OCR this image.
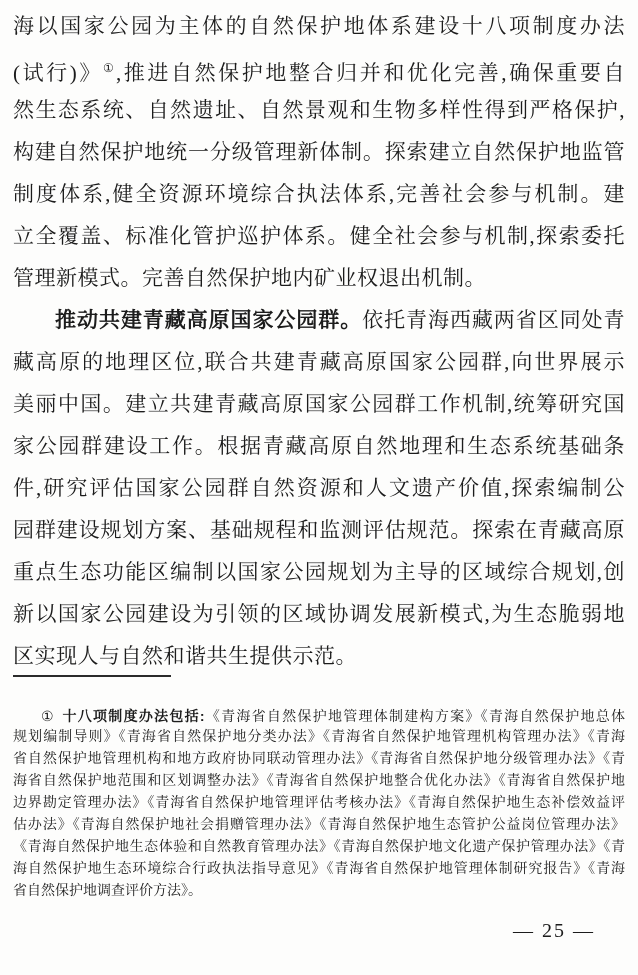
海以国家公园为主体的自然保护地体系建设十八项制度办法
(试行)》①,推进自然保护地整合归并和优化完善,确保重要自
然生态系统、自然遗址、自然景观和生物多样性得到严格保护,
构建自然保护地统一分级管理新体制。探索建立自然保护地监管
制度体系,健全资源环境综合执法体系,完善社会参与机制。建
立全覆盖、标准化管护巡护体系。健全社会参与机制,探索委托
管理新模式。完善自然保护地内矿业权退出机制。
推动共建青藏高原国家公园群。依托青海西藏两省区同处青
藏高原的地理区位,联合共建青藏高原国家公园群,向世界展示
美丽中国。建立共建青藏高原国家公园群工作机制,统筹研究国
家公园群建设工作。根据青藏高原自然地理和生态系统基础条
件,研究评估国家公园群自然资源和人文遗产价值,探索编制公
园群建设规划方案、基础规程和监测评估规范。探索在青藏高原
重点生态功能区编制以国家公园规划为主导的区域综合规划,创
新以国家公园建设为引领的区域协调发展新模式,为生态脆弱地
区实现人与自然和谐共生提供示范。
① 十八项制度办法包括:《青海省自然保护地管理体制建构方案》《青海自然保护地总体
规划编制导则》《青海省自然保护地分类办法》《青海省自然保护地管理机构管理办法》《青海
省自然保护地管理机构和地方政府协同联动管理办法》《青海省自然保护地分级管理办法》《青
海省自然保护地范围和区划调整办法》《青海省自然保护地整合优化办法》《青海省自然保护地
边界勘定管理办法》《青海省自然保护地管理评估考核办法》《青海自然保护地生态补偿效益评
估办法》《青海自然保护地社会捐赠管理办法》《青海自然保护地生态管护公益岗位管理办法》
《青海自然保护地生态体验和自然教育管理办法》《青海自然保护地文化遗产保护管理办法》《青
海自然保护地生态环境综合行政执法指导意见》《青海省自然保护地管理体制研究报告》《青海
省自然保护地调查评价方法》。
— 25 —
